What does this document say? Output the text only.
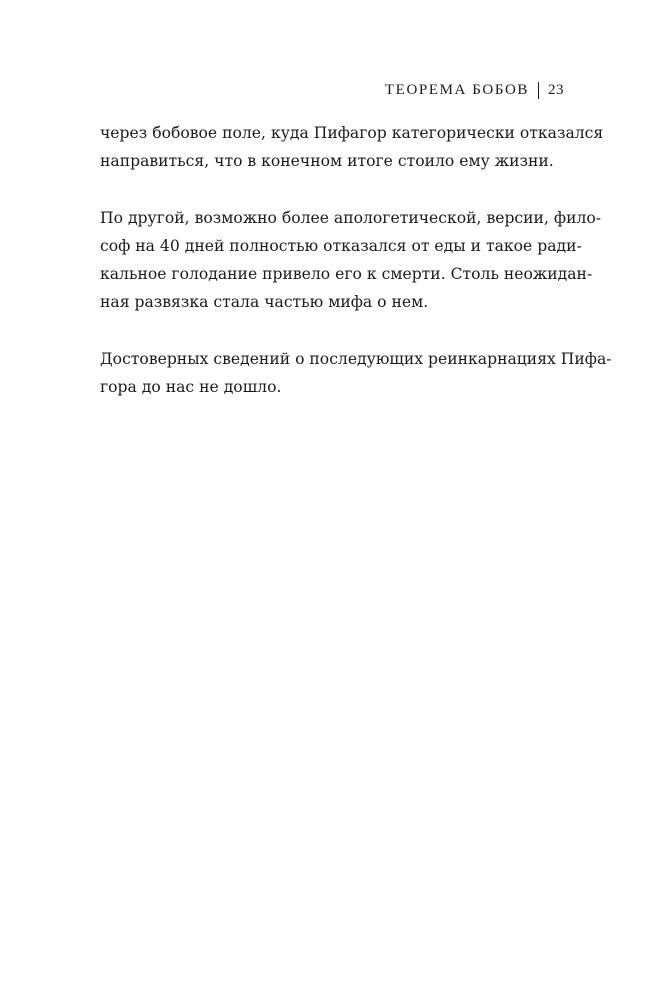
ТЕОРЕМА БОБОВ 23

через бобовое поле, куда Пифагор категорически отказался
направиться, что в конечном итоге стоило ему жизни.

По другой, возможно более апологетической, версии, фило-
соф на 40 дней полностью отказался от еды и такое ради-
кальное голодание привело его к смерти. Столь неожидан-
ная развязка стала частью мифа о нем.

Достоверных сведений о последующих реинкарнациях Пифа-
гора до нас не дошло.
